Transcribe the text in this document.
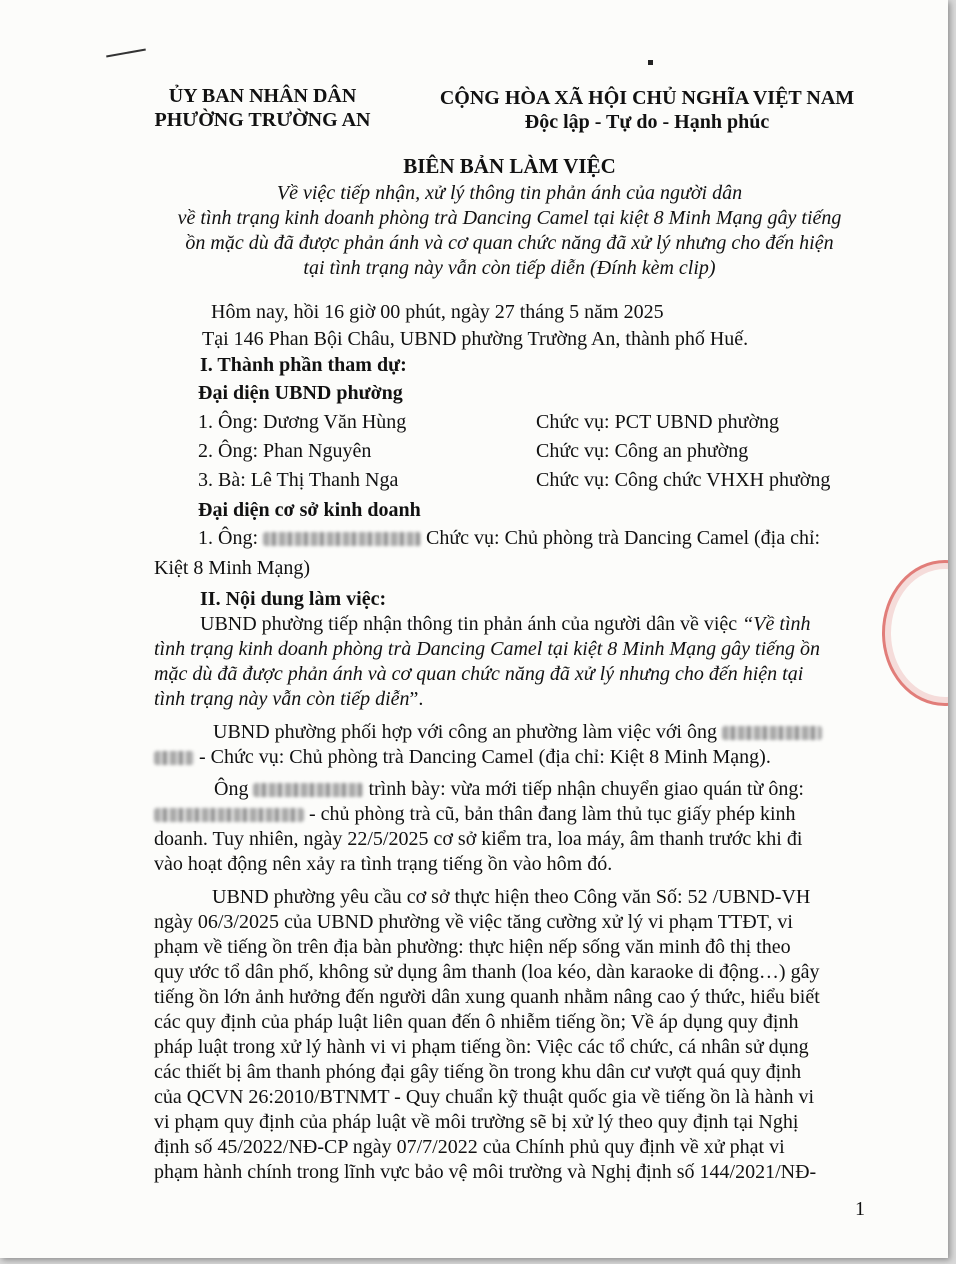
ỦY BAN NHÂN DÂN
PHƯỜNG TRƯỜNG AN
CỘNG HÒA XÃ HỘI CHỦ NGHĨA VIỆT NAM
Độc lập - Tự do - Hạnh phúc
BIÊN BẢN LÀM VIỆC
Về việc tiếp nhận, xử lý thông tin phản ánh của người dân
về tình trạng kinh doanh phòng trà Dancing Camel tại kiệt 8 Minh Mạng gây tiếng
ồn mặc dù đã được phản ánh và cơ quan chức năng đã xử lý nhưng cho đến hiện
tại tình trạng này vẫn còn tiếp diễn (Đính kèm clip)
Hôm nay, hồi 16 giờ 00 phút, ngày 27 tháng 5 năm 2025
Tại 146 Phan Bội Châu, UBND phường Trường An, thành phố Huế.
I. Thành phần tham dự:
Đại diện UBND phường
1. Ông: Dương Văn Hùng	Chức vụ: PCT UBND phường
2. Ông: Phan Nguyên	Chức vụ: Công an phường
3. Bà: Lê Thị Thanh Nga	Chức vụ: Công chức VHXH phường
Đại diện cơ sở kinh doanh
1. Ông:	Chức vụ: Chủ phòng trà Dancing Camel (địa chỉ:
Kiệt 8 Minh Mạng)
II. Nội dung làm việc:
UBND phường tiếp nhận thông tin phản ánh của người dân về việc “Về tình
tình trạng kinh doanh phòng trà Dancing Camel tại kiệt 8 Minh Mạng gây tiếng ồn
mặc dù đã được phản ánh và cơ quan chức năng đã xử lý nhưng cho đến hiện tại
tình trạng này vẫn còn tiếp diễn”.
UBND phường phối hợp với công an phường làm việc với ông
- Chức vụ: Chủ phòng trà Dancing Camel (địa chỉ: Kiệt 8 Minh Mạng).
Ông	trình bày: vừa mới tiếp nhận chuyển giao quán từ ông:
- chủ phòng trà cũ, bản thân đang làm thủ tục giấy phép kinh
doanh. Tuy nhiên, ngày 22/5/2025 cơ sở kiểm tra, loa máy, âm thanh trước khi đi
vào hoạt động nên xảy ra tình trạng tiếng ồn vào hôm đó.
UBND phường yêu cầu cơ sở thực hiện theo Công văn Số: 52 /UBND-VH
ngày 06/3/2025 của UBND phường về việc tăng cường xử lý vi phạm TTĐT, vi
phạm về tiếng ồn trên địa bàn phường: thực hiện nếp sống văn minh đô thị theo
quy ước tổ dân phố, không sử dụng âm thanh (loa kéo, dàn karaoke di động…) gây
tiếng ồn lớn ảnh hưởng đến người dân xung quanh nhằm nâng cao ý thức, hiểu biết
các quy định của pháp luật liên quan đến ô nhiễm tiếng ồn; Về áp dụng quy định
pháp luật trong xử lý hành vi vi phạm tiếng ồn: Việc các tổ chức, cá nhân sử dụng
các thiết bị âm thanh phóng đại gây tiếng ồn trong khu dân cư vượt quá quy định
của QCVN 26:2010/BTNMT - Quy chuẩn kỹ thuật quốc gia về tiếng ồn là hành vi
vi phạm quy định của pháp luật về môi trường sẽ bị xử lý theo quy định tại Nghị
định số 45/2022/NĐ-CP ngày 07/7/2022 của Chính phủ quy định về xử phạt vi
phạm hành chính trong lĩnh vực bảo vệ môi trường và Nghị định số 144/2021/NĐ-
1
